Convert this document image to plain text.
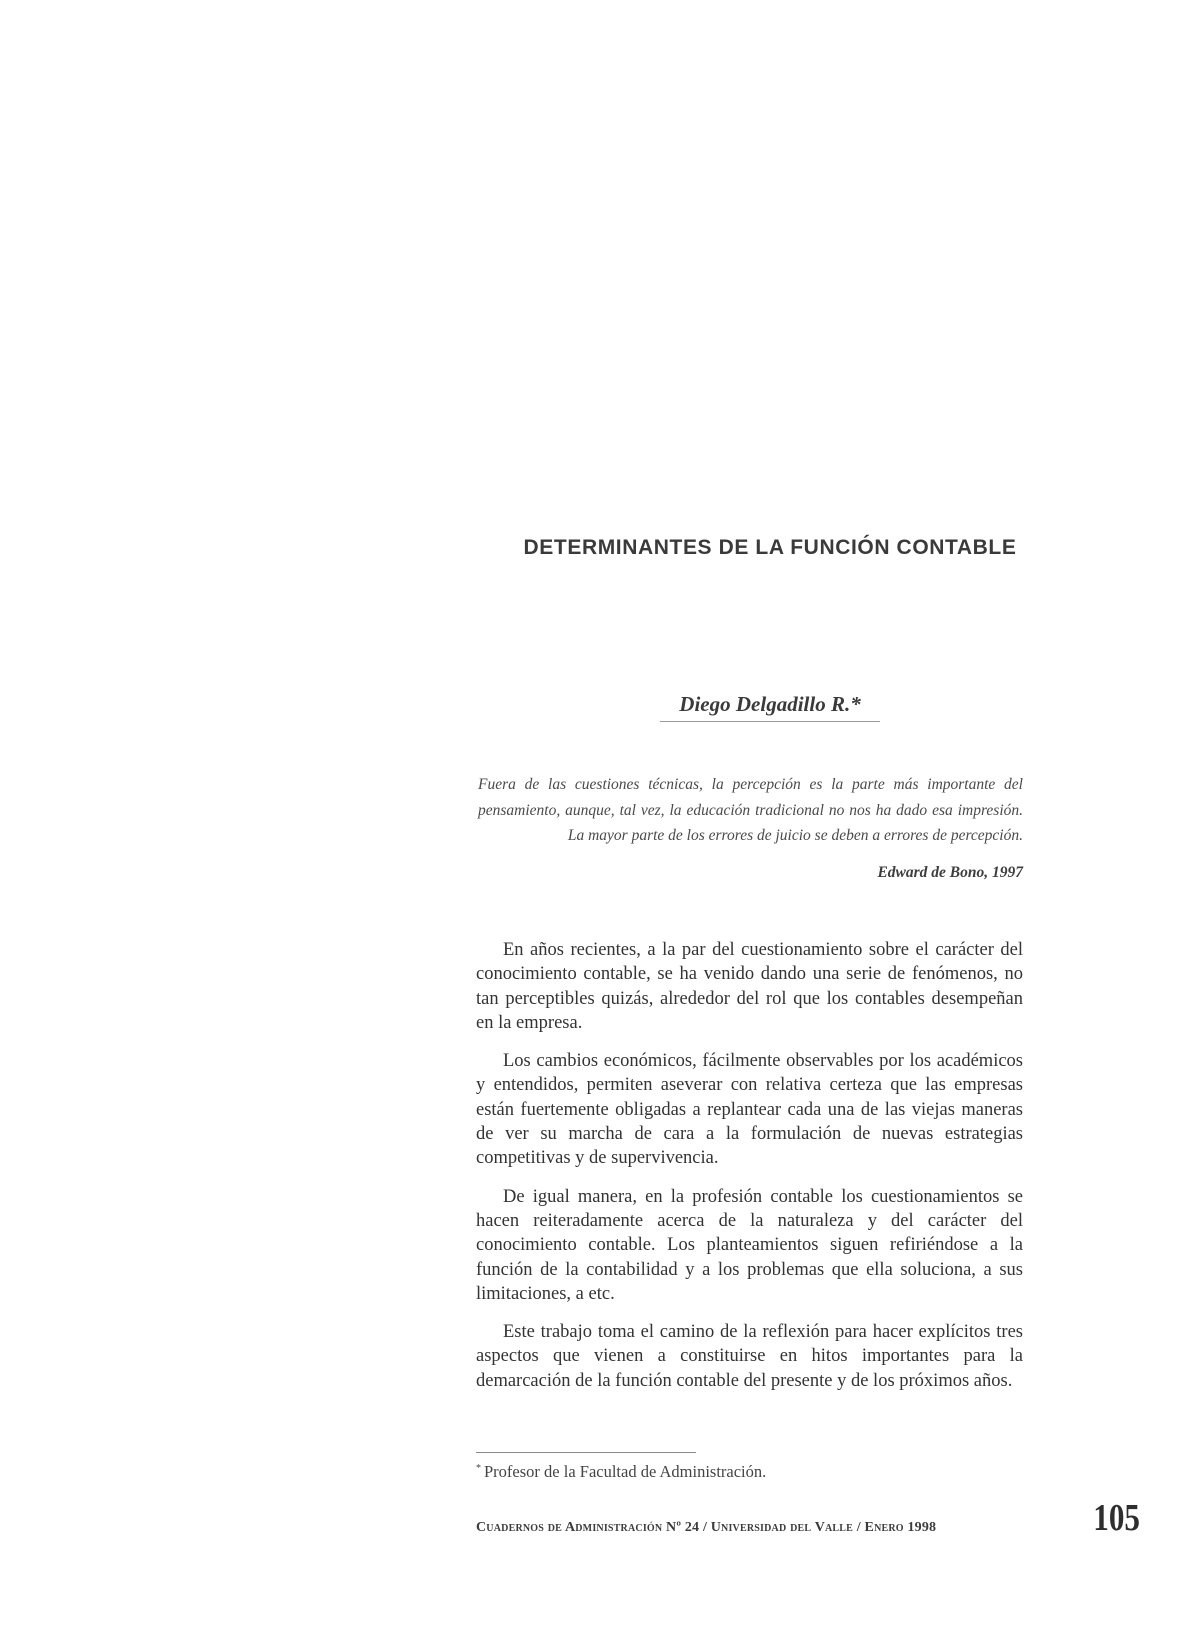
DETERMINANTES DE LA FUNCIÓN CONTABLE
Diego Delgadillo R.*

Fuera de las cuestiones técnicas, la percepción es la parte más importante del pensamiento, aunque, tal vez, la educación tradicional no nos ha dado esa impresión. La mayor parte de los errores de juicio se deben a errores de percepción.

Edward de Bono, 1997

En años recientes, a la par del cuestionamiento sobre el carácter del conocimiento contable, se ha venido dando una serie de fenómenos, no tan perceptibles quizás, alrededor del rol que los contables desempeñan en la empresa.

Los cambios económicos, fácilmente observables por los académicos y entendidos, permiten aseverar con relativa certeza que las empresas están fuertemente obligadas a replantear cada una de las viejas maneras de ver su marcha de cara a la formulación de nuevas estrategias competitivas y de supervivencia.

De igual manera, en la profesión contable los cuestionamientos se hacen reiteradamente acerca de la naturaleza y del carácter del conocimiento contable. Los planteamientos siguen refiriéndose a la función de la contabilidad y a los problemas que ella soluciona, a sus limitaciones, a etc.

Este trabajo toma el camino de la reflexión para hacer explícitos tres aspectos que vienen a constituirse en hitos importantes para la demarcación de la función contable del presente y de los próximos años.

* Profesor de la Facultad de Administración.
Cuadernos de Administración Nº 24 / Universidad del Valle / Enero 1998	105
